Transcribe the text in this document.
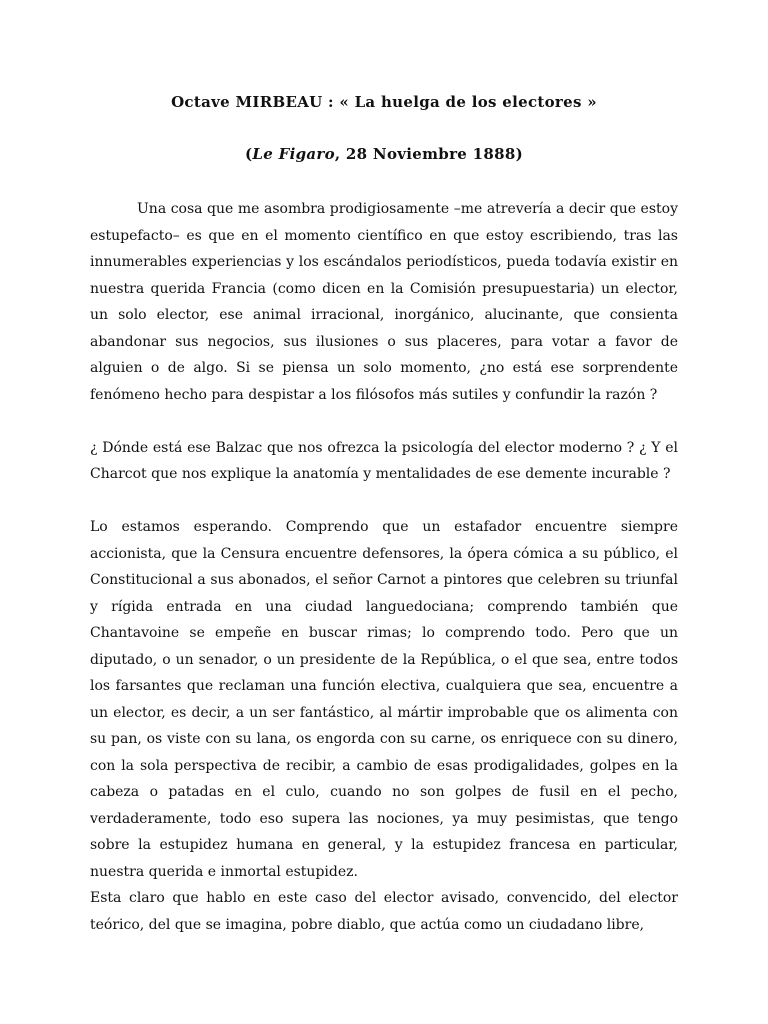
Octave MIRBEAU : « La huelga de los electores »
(Le Figaro, 28 Noviembre 1888)

Una cosa que me asombra prodigiosamente –me atrevería a decir que estoy estupefacto– es que en el momento científico en que estoy escribiendo, tras las innumerables experiencias y los escándalos periodísticos, pueda todavía existir en nuestra querida Francia (como dicen en la Comisión presupuestaria) un elector, un solo elector, ese animal irracional, inorgánico, alucinante, que consienta abandonar sus negocios, sus ilusiones o sus placeres, para votar a favor de alguien o de algo. Si se piensa un solo momento, ¿no está ese sorprendente fenómeno hecho para despistar a los filósofos más sutiles y confundir la razón ?

¿ Dónde está ese Balzac que nos ofrezca la psicología del elector moderno ? ¿ Y el Charcot que nos explique la anatomía y mentalidades de ese demente incurable ?

Lo estamos esperando. Comprendo que un estafador encuentre siempre accionista, que la Censura encuentre defensores, la ópera cómica a su público, el Constitucional a sus abonados, el señor Carnot a pintores que celebren su triunfal y rígida entrada en una ciudad languedociana; comprendo también que Chantavoine se empeñe en buscar rimas; lo comprendo todo. Pero que un diputado, o un senador, o un presidente de la República, o el que sea, entre todos los farsantes que reclaman una función electiva, cualquiera que sea, encuentre a un elector, es decir, a un ser fantástico, al mártir improbable que os alimenta con su pan, os viste con su lana, os engorda con su carne, os enriquece con su dinero, con la sola perspectiva de recibir, a cambio de esas prodigalidades, golpes en la cabeza o patadas en el culo, cuando no son golpes de fusil en el pecho, verdaderamente, todo eso supera las nociones, ya muy pesimistas, que tengo sobre la estupidez humana en general, y la estupidez francesa en particular, nuestra querida e inmortal estupidez.

Esta claro que hablo en este caso del elector avisado, convencido, del elector teórico, del que se imagina, pobre diablo, que actúa como un ciudadano libre,
